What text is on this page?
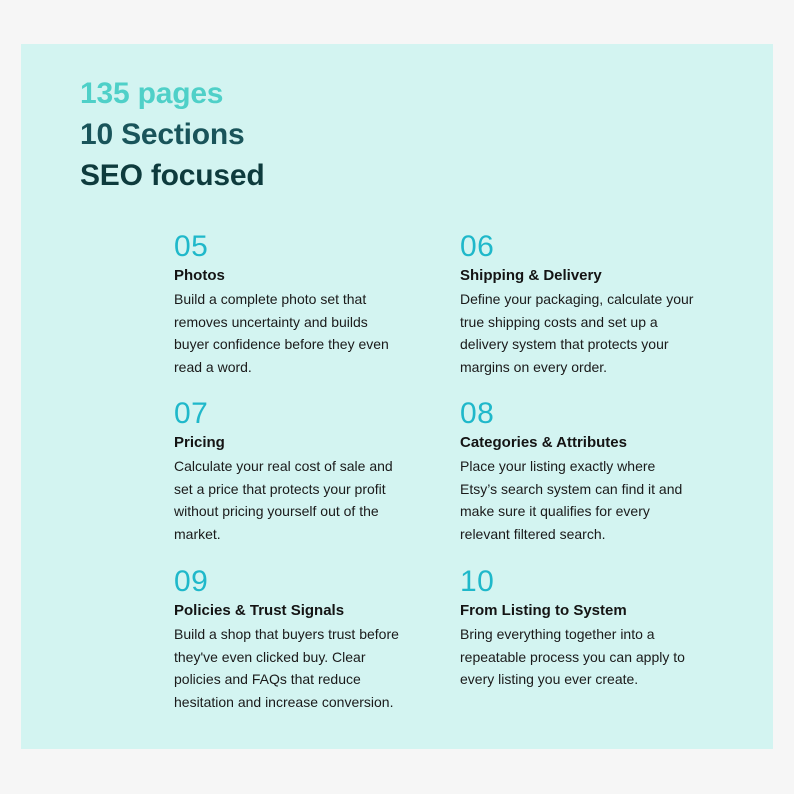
135 pages
10 Sections
SEO focused

05

Photos

Build a complete photo set that
removes uncertainty and builds
buyer confidence before they even
read a word.

06

Shipping & Delivery

Define your packaging, calculate your
true shipping costs and set up a
delivery system that protects your
margins on every order.

07

Pricing

Calculate your real cost of sale and
set a price that protects your profit
without pricing yourself out of the
market.

08

Categories & Attributes

Place your listing exactly where
Etsy’s search system can find it and
make sure it qualifies for every
relevant filtered search.

09

Policies & Trust Signals

Build a shop that buyers trust before
they've even clicked buy. Clear
policies and FAQs that reduce
hesitation and increase conversion.

10

From Listing to System

Bring everything together into a
repeatable process you can apply to
every listing you ever create.
